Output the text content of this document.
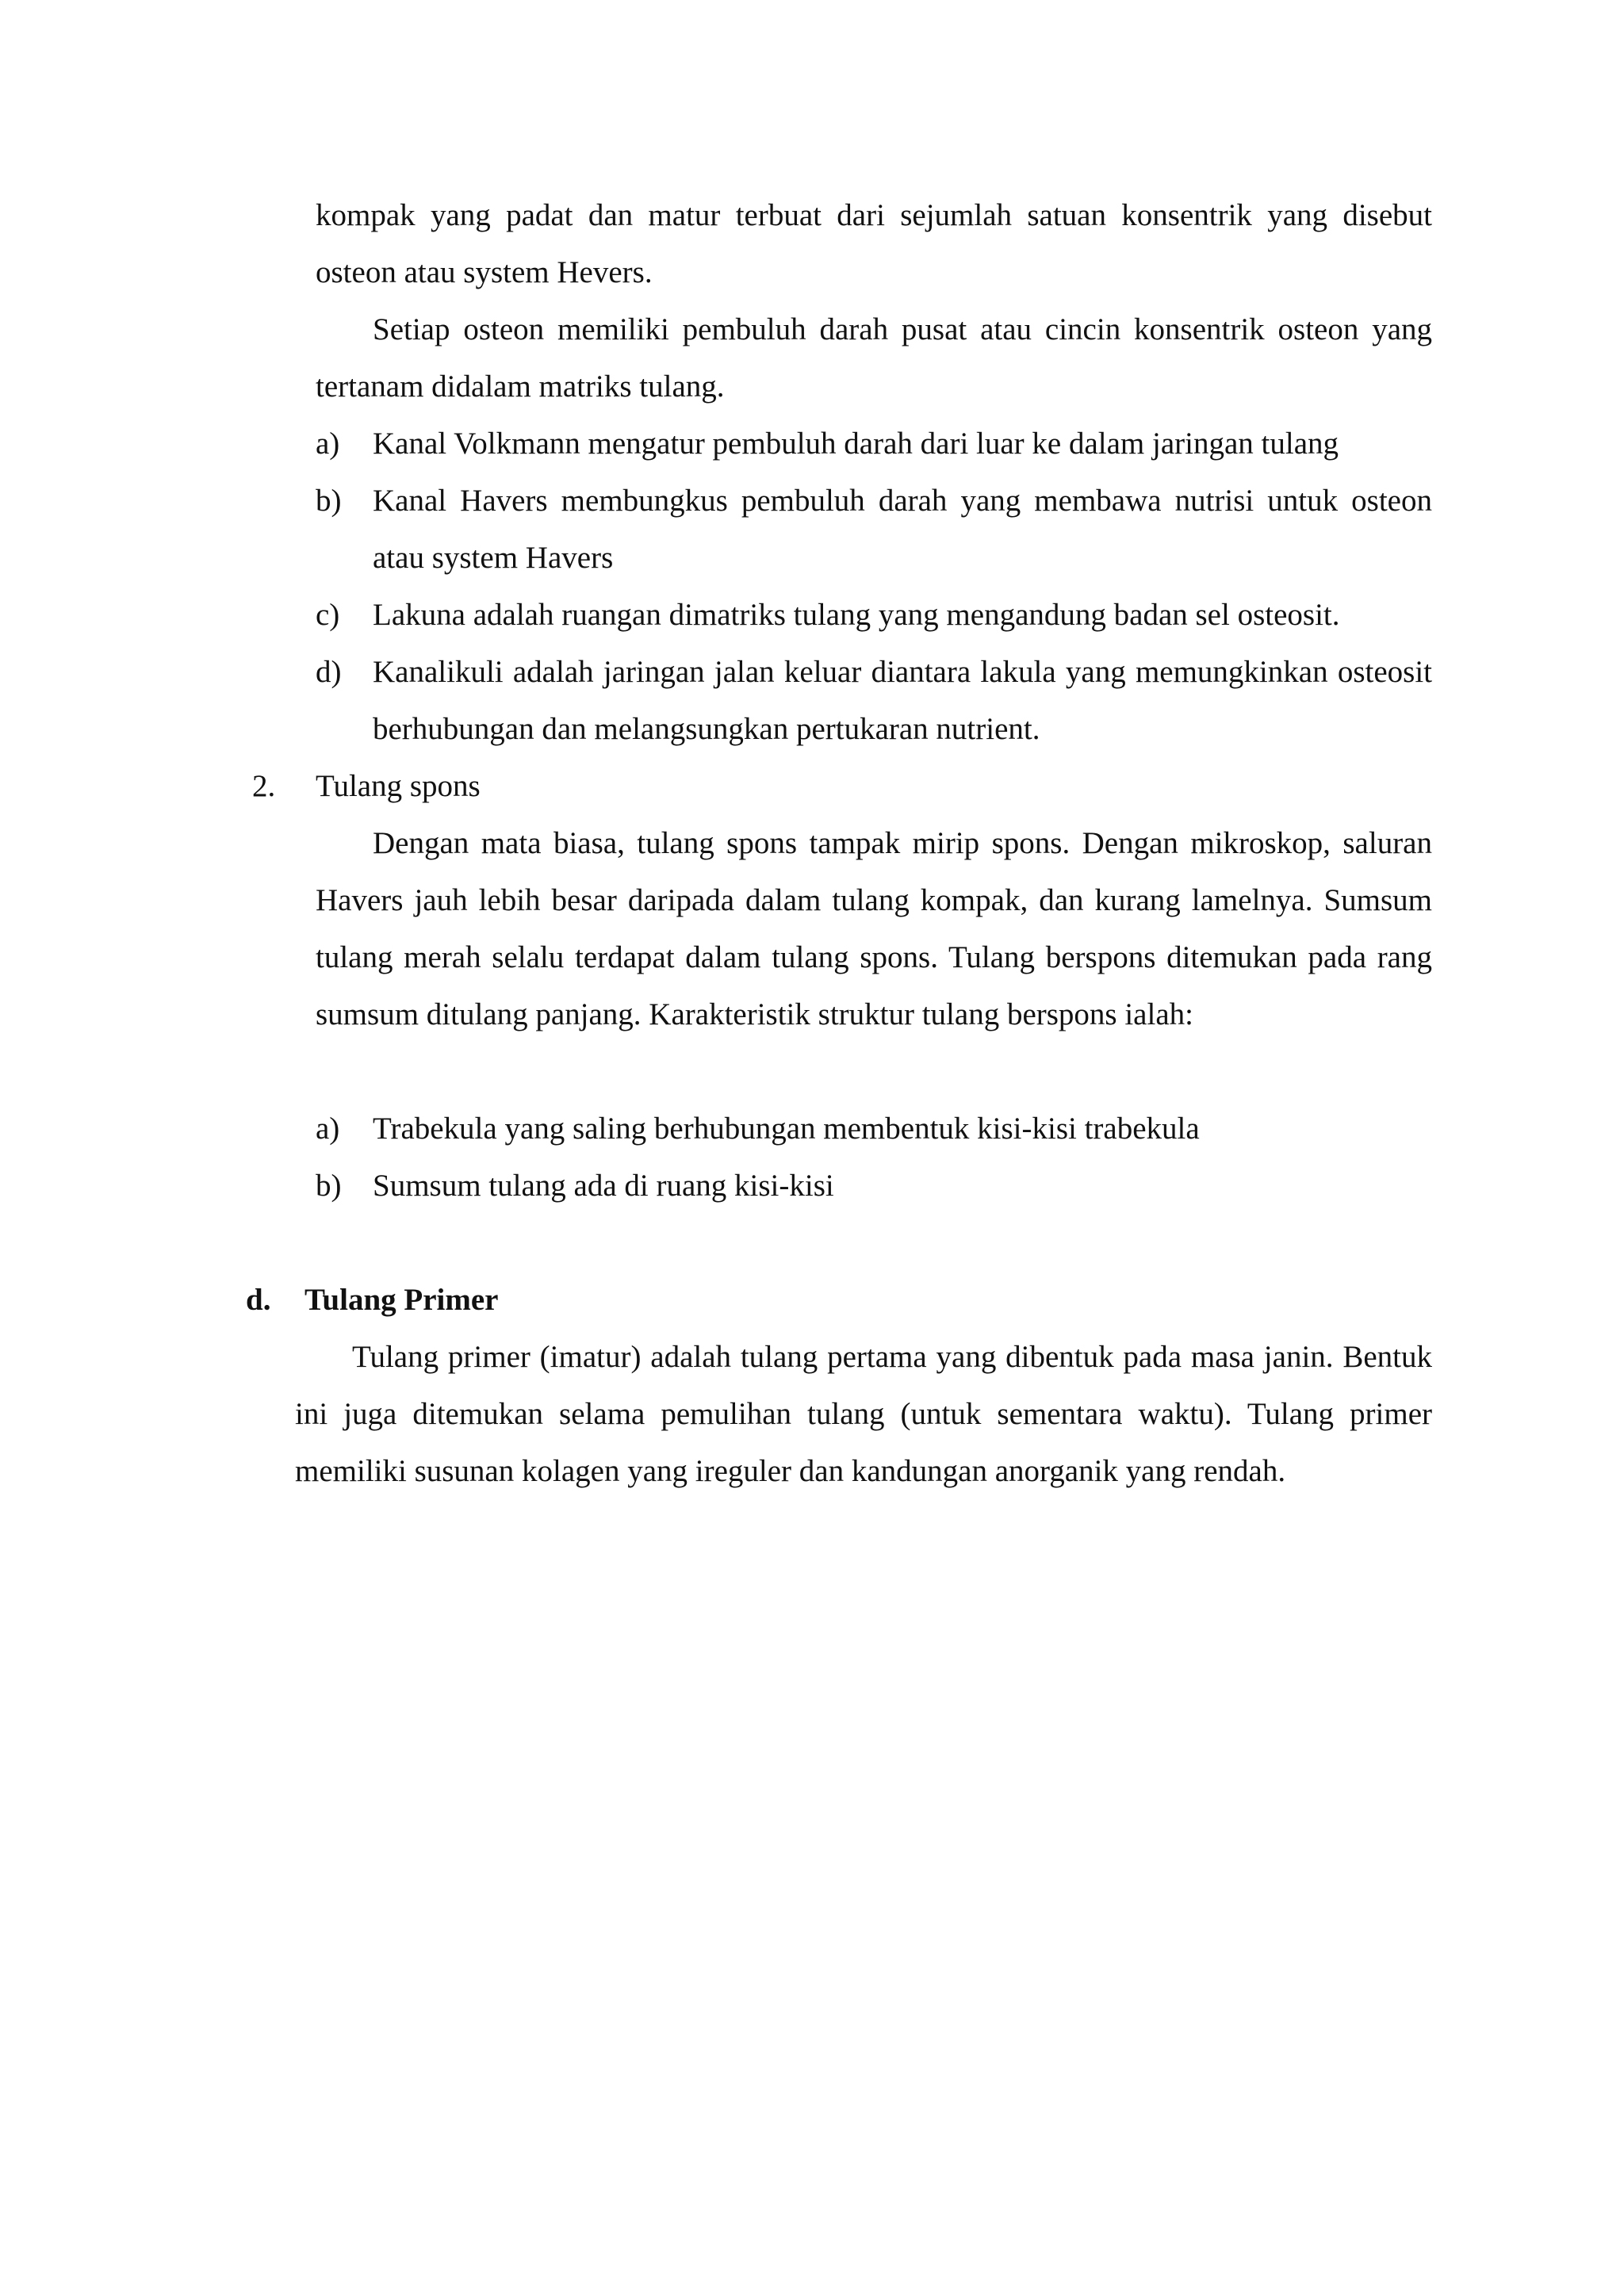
kompak yang padat dan matur terbuat dari sejumlah satuan konsentrik yang disebut osteon atau system Hevers.

Setiap osteon memiliki pembuluh darah pusat atau cincin konsentrik osteon yang tertanam didalam matriks tulang.

a)	Kanal Volkmann mengatur pembuluh darah dari luar ke dalam jaringan tulang
b)	Kanal Havers membungkus pembuluh darah yang membawa nutrisi untuk osteon atau system Havers
c)	Lakuna adalah ruangan dimatriks tulang yang mengandung badan sel osteosit.
d)	Kanalikuli adalah jaringan jalan keluar diantara lakula yang memungkinkan osteosit berhubungan dan melangsungkan pertukaran nutrient.
2.	Tulang spons

Dengan mata biasa, tulang spons tampak mirip spons. Dengan mikroskop, saluran Havers jauh lebih besar daripada dalam tulang kompak, dan kurang lamelnya. Sumsum tulang merah selalu terdapat dalam tulang spons. Tulang berspons ditemukan pada rang sumsum ditulang panjang. Karakteristik struktur tulang berspons ialah:

a)	Trabekula yang saling berhubungan membentuk kisi-kisi trabekula
b)	Sumsum tulang ada di ruang kisi-kisi
d. Tulang Primer

Tulang primer (imatur) adalah tulang pertama yang dibentuk pada masa janin. Bentuk ini juga ditemukan selama pemulihan tulang (untuk sementara waktu). Tulang primer memiliki susunan kolagen yang ireguler dan kandungan anorganik yang rendah.
